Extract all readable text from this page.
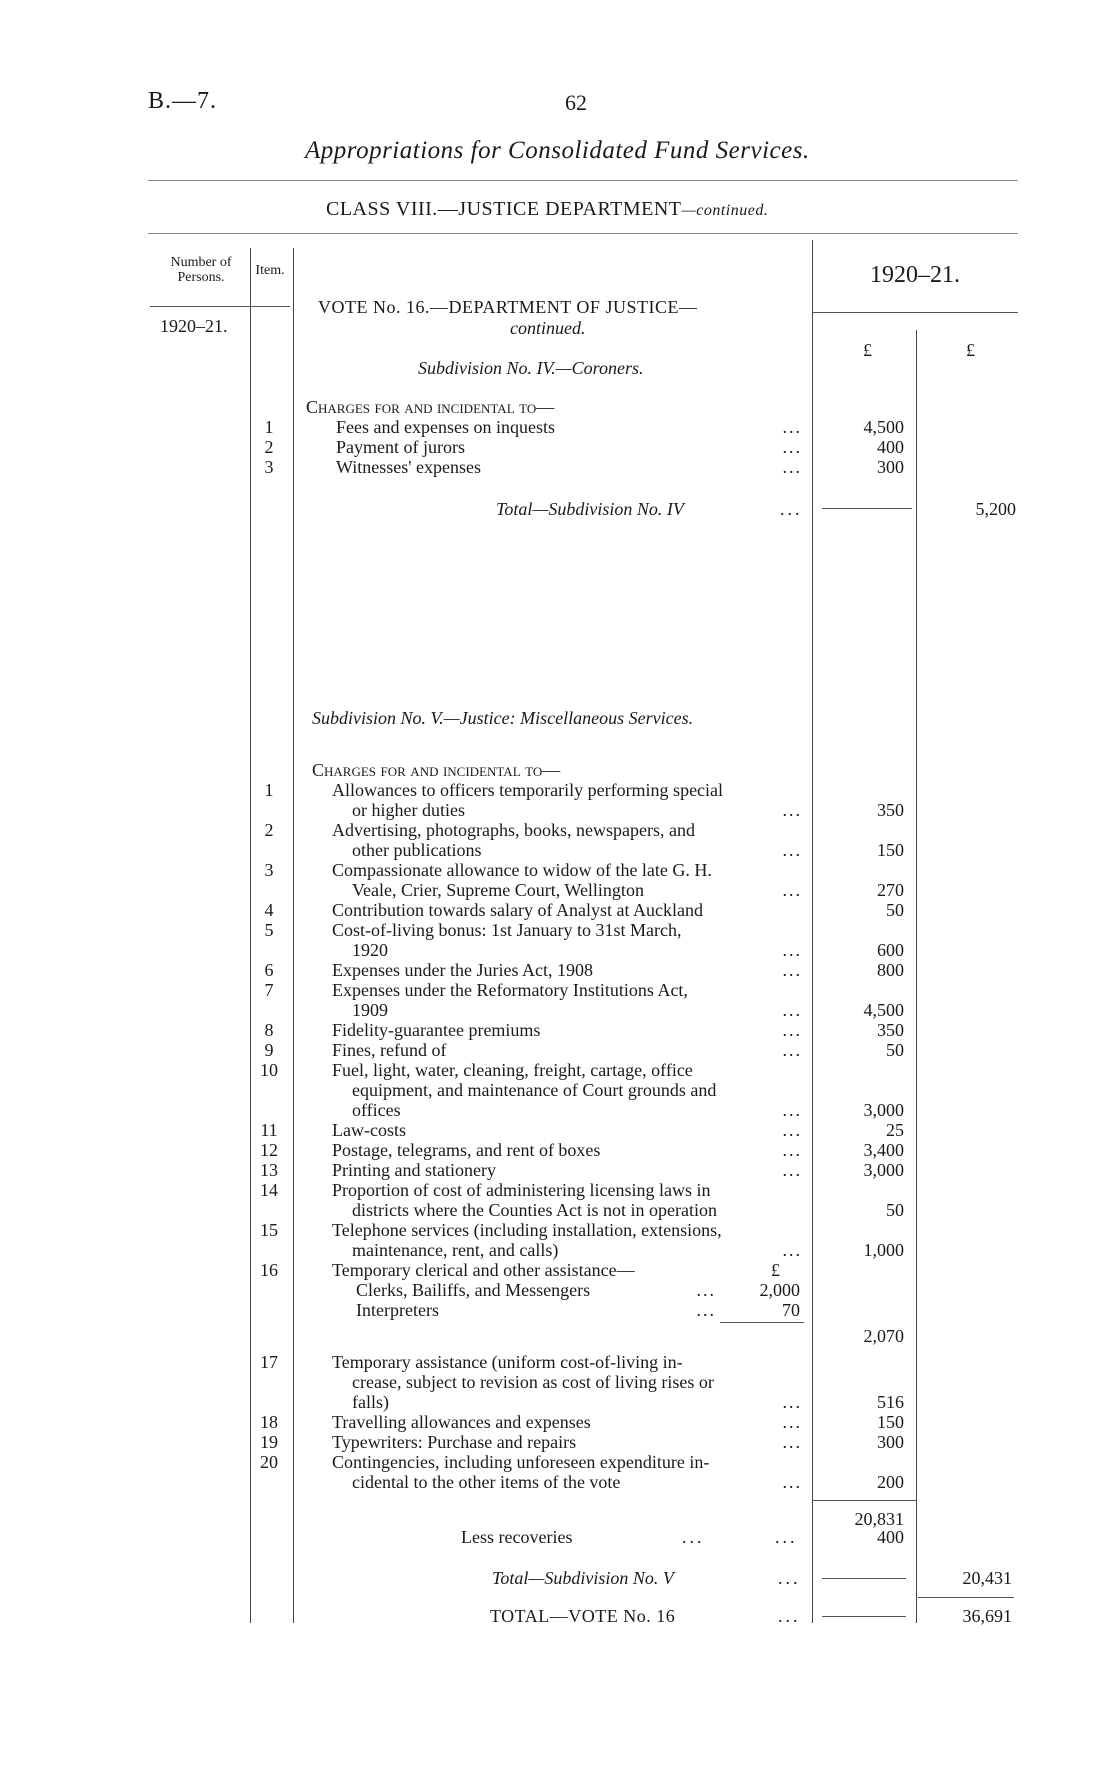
B.—7.	62
Appropriations for Consolidated Fund Services.
CLASS VIII.—JUSTICE DEPARTMENT—continued.
Number of Persons.	Item.
1920–21.
1920–21.
£	£
VOTE No. 16.—DEPARTMENT OF JUSTICE—
continued.
Subdivision No. IV.—Coroners.
Charges for and incidental to—
1	Fees and expenses on inquests	...	4,500
2	Payment of jurors	...	400
3	Witnesses' expenses	...	300
Total—Subdivision No. IV	...	5,200
Subdivision No. V.—Justice: Miscellaneous Services.
Charges for and incidental to—
1	Allowances to officers temporarily performing special
or higher duties	...	350
2	Advertising, photographs, books, newspapers, and
other publications	...	150
3	Compassionate allowance to widow of the late G. H.
Veale, Crier, Supreme Court, Wellington	...	270
4	Contribution towards salary of Analyst at Auckland	50
5	Cost-of-living bonus: 1st January to 31st March,
1920	...	600
6	Expenses under the Juries Act, 1908	...	800
7	Expenses under the Reformatory Institutions Act,
1909	...	4,500
8	Fidelity-guarantee premiums	...	350
9	Fines, refund of	...	50
10	Fuel, light, water, cleaning, freight, cartage, office
equipment, and maintenance of Court grounds and
offices	...	3,000
11	Law-costs	...	25
12	Postage, telegrams, and rent of boxes	...	3,400
13	Printing and stationery	...	3,000
14	Proportion of cost of administering licensing laws in
districts where the Counties Act is not in operation	50
15	Telephone services (including installation, extensions,
maintenance, rent, and calls)	...	1,000
16	Temporary clerical and other assistance—	£
Clerks, Bailiffs, and Messengers	...	2,000
Interpreters	...	70
2,070
17	Temporary assistance (uniform cost-of-living in-
crease, subject to revision as cost of living rises or
falls)	...	516
18	Travelling allowances and expenses	...	150
19	Typewriters: Purchase and repairs	...	300
20	Contingencies, including unforeseen expenditure in-
cidental to the other items of the vote	...	200
20,831
Less recoveries	...	...	400
Total—Subdivision No. V	...	20,431
TOTAL—VOTE No. 16	...	36,691
